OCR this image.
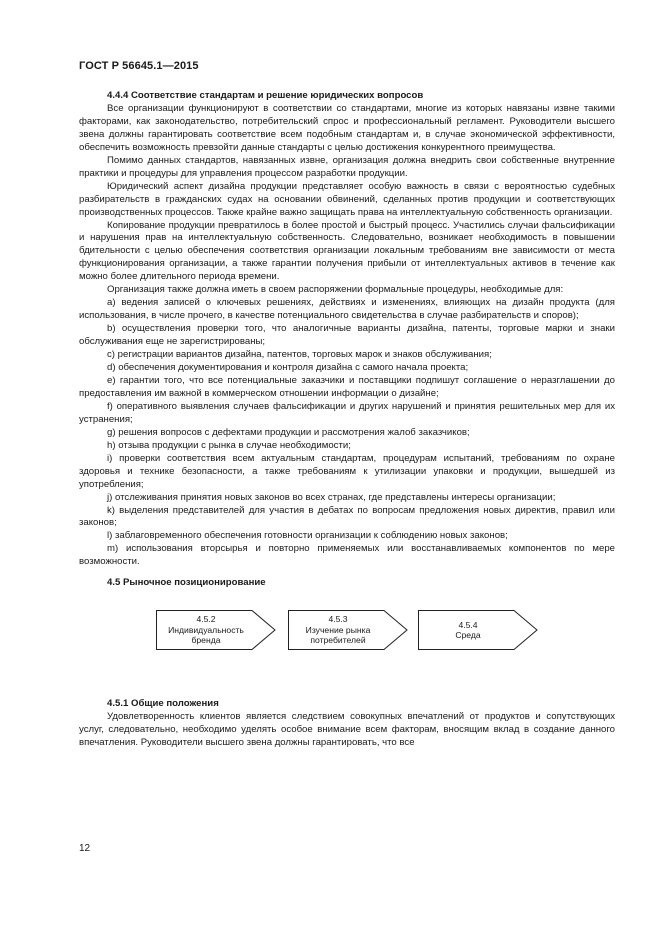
ГОСТ Р 56645.1—2015
4.4.4 Соответствие стандартам и решение юридических вопросов

Все организации функционируют в соответствии со стандартами, многие из которых навязаны извне такими факторами, как законодательство, потребительский спрос и профессиональный регламент. Руководители высшего звена должны гарантировать соответствие всем подобным стандартам и, в случае экономической эффективности, обеспечить возможность превзойти данные стандарты с целью достижения конкурентного преимущества.

Помимо данных стандартов, навязанных извне, организация должна внедрить свои собственные внутренние практики и процедуры для управления процессом разработки продукции.

Юридический аспект дизайна продукции представляет особую важность в связи с вероятностью судебных разбирательств в гражданских судах на основании обвинений, сделанных против продукции и соответствующих производственных процессов. Также крайне важно защищать права на интеллектуальную собственность организации.

Копирование продукции превратилось в более простой и быстрый процесс. Участились случаи фальсификации и нарушения прав на интеллектуальную собственность. Следовательно, возникает необходимость в повышении бдительности с целью обеспечения соответствия организации локальным требованиям вне зависимости от места функционирования организации, а также гарантии получения прибыли от интеллектуальных активов в течение как можно более длительного периода времени.

Организация также должна иметь в своем распоряжении формальные процедуры, необходимые для:

a) ведения записей о ключевых решениях, действиях и изменениях, влияющих на дизайн продукта (для использования, в числе прочего, в качестве потенциального свидетельства в случае разбирательств и споров);

b) осуществления проверки того, что аналогичные варианты дизайна, патенты, торговые марки и знаки обслуживания еще не зарегистрированы;

c) регистрации вариантов дизайна, патентов, торговых марок и знаков обслуживания;

d) обеспечения документирования и контроля дизайна с самого начала проекта;

e) гарантии того, что все потенциальные заказчики и поставщики подпишут соглашение о неразглашении до предоставления им важной в коммерческом отношении информации о дизайне;

f) оперативного выявления случаев фальсификации и других нарушений и принятия решительных мер для их устранения;

g) решения вопросов с дефектами продукции и рассмотрения жалоб заказчиков;

h) отзыва продукции с рынка в случае необходимости;

i) проверки соответствия всем актуальным стандартам, процедурам испытаний, требованиям по охране здоровья и технике безопасности, а также требованиям к утилизации упаковки и продукции, вышедшей из употребления;

j) отслеживания принятия новых законов во всех странах, где представлены интересы организации;

k) выделения представителей для участия в дебатах по вопросам предложения новых директив, правил или законов;

l) заблаговременного обеспечения готовности организации к соблюдению новых законов;

m) использования вторсырья и повторно применяемых или восстанавливаемых компонентов по мере возможности.

4.5 Рыночное позиционирование
4.5.2
Индивидуальность бренда
4.5.3
Изучение рынка потребителей
4.5.4
Среда
4.5.1 Общие положения

Удовлетворенность клиентов является следствием совокупных впечатлений от продуктов и сопутствующих услуг, следовательно, необходимо уделять особое внимание всем факторам, вносящим вклад в создание данного впечатления. Руководители высшего звена должны гарантировать, что все

12
